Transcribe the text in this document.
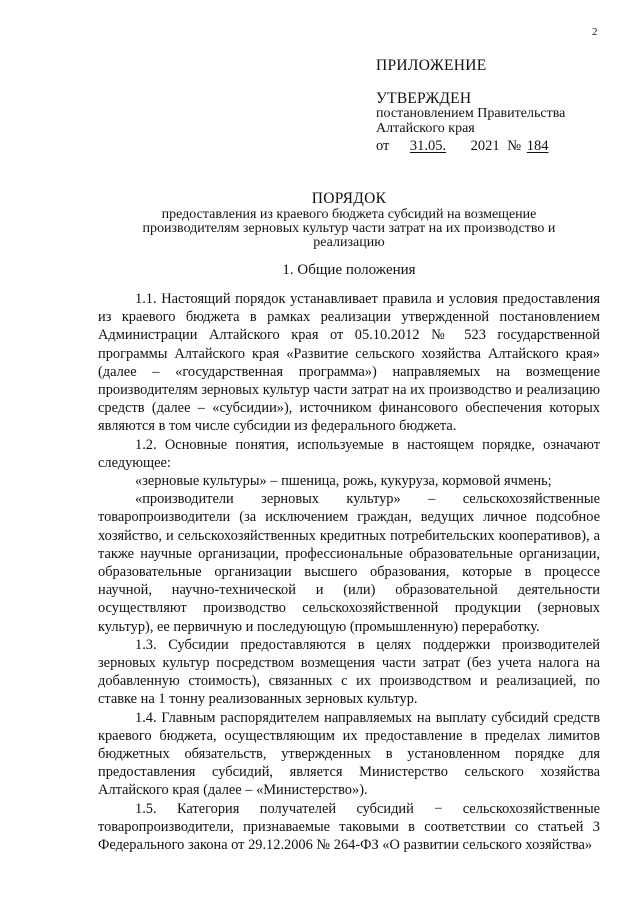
2
ПРИЛОЖЕНИЕ
УТВЕРЖДЕН
постановлением Правительства
Алтайского края
от 31.05. 2021 № 184
ПОРЯДОК
предоставления из краевого бюджета субсидий на возмещение производителям зерновых культур части затрат на их производство и реализацию
1. Общие положения

1.1. Настоящий порядок устанавливает правила и условия предоставления из краевого бюджета в рамках реализации утвержденной постановлением Администрации Алтайского края от 05.10.2012 № 523 государственной программы Алтайского края «Развитие сельского хозяйства Алтайского края» (далее – «государственная программа») направляемых на возмещение производителям зерновых культур части затрат на их производство и реализацию средств (далее – «субсидии»), источником финансового обеспечения которых являются в том числе субсидии из федерального бюджета.

1.2. Основные понятия, используемые в настоящем порядке, означают следующее:

«зерновые культуры» – пшеница, рожь, кукуруза, кормовой ячмень;

«производители зерновых культур» – сельскохозяйственные товаропроизводители (за исключением граждан, ведущих личное подсобное хозяйство, и сельскохозяйственных кредитных потребительских кооперативов), а также научные организации, профессиональные образовательные организации, образовательные организации высшего образования, которые в процессе научной, научно-технической и (или) образовательной деятельности осуществляют производство сельскохозяйственной продукции (зерновых культур), ее первичную и последующую (промышленную) переработку.

1.3. Субсидии предоставляются в целях поддержки производителей зерновых культур посредством возмещения части затрат (без учета налога на добавленную стоимость), связанных с их производством и реализацией, по ставке на 1 тонну реализованных зерновых культур.

1.4. Главным распорядителем направляемых на выплату субсидий средств краевого бюджета, осуществляющим их предоставление в пределах лимитов бюджетных обязательств, утвержденных в установленном порядке для предоставления субсидий, является Министерство сельского хозяйства Алтайского края (далее – «Министерство»).

1.5. Категория получателей субсидий − сельскохозяйственные товаропроизводители, признаваемые таковыми в соответствии со статьей 3 Федерального закона от 29.12.2006 № 264-ФЗ «О развитии сельского хозяйства»
